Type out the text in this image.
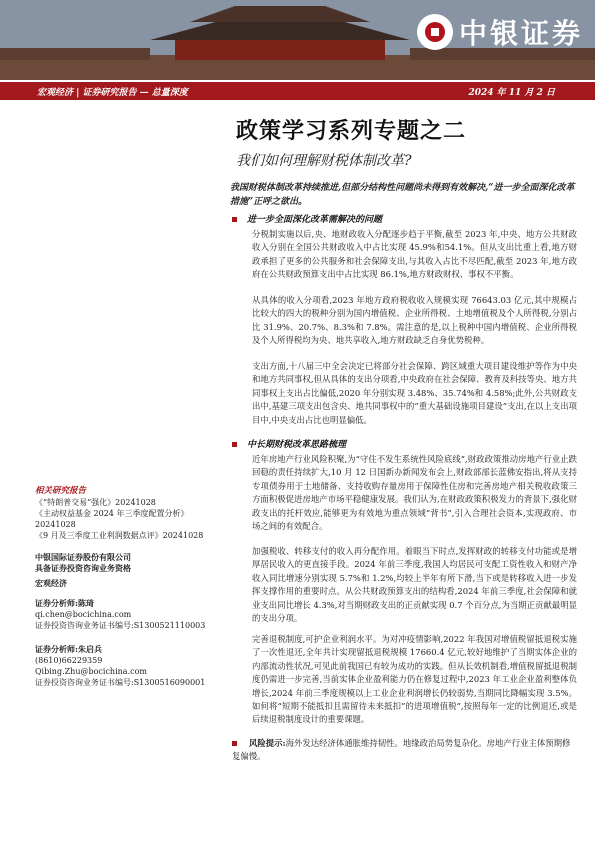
中银证券
宏观经济 | 证券研究报告 — 总量深度	2024 年 11 月 2 日
政策学习系列专题之二
我们如何理解财税体制改革?
我国财税体制改革持续推进,但部分结构性问题尚未得到有效解决,“进一步全面深化改革措施”正呼之欲出。
进一步全面深化改革需解决的问题
分税制实施以后,央、地财政收入分配逐步趋于平衡,截至 2023 年,中央、地方公共财政收入分别在全国公共财政收入中占比实现 45.9%和54.1%。但从支出比重上看,地方财政承担了更多的公共服务和社会保障支出,与其收入占比不尽匹配,截至 2023 年,地方政府在公共财政预算支出中占比实现 86.1%,地方财政财权、事权不平衡。
从具体的收入分项看,2023 年地方政府税收收入规模实现 76643.03 亿元,其中规模占比较大的四大的税种分别为国内增值税、企业所得税、土地增值税及个人所得税,分别占比 31.9%、20.7%、8.3%和 7.8%。需注意的是,以上税种中国内增值税、企业所得税及个人所得税均为央、地共享收入,地方财政缺乏自身优势税种。
支出方面,十八届三中全会决定已将部分社会保障、跨区域重大项目建设维护等作为中央和地方共同事权,但从具体的支出分项看,中央政府在社会保障、教育及科技等央、地方共同事权上支出占比偏低,2020 年分别实现 3.48%、35.74%和 4.58%;此外,公共财政支出中,基建三项支出包含央、地共同事权中的“重大基础设施项目建设”支出,在以上支出项目中,中央支出占比也明显偏低。
中长期财税改革思路梳理
近年房地产行业风险积聚,为“守住不发生系统性风险底线”,财政政策推动房地产行业止跌回稳的责任持续扩大,10 月 12 日国新办新闻发布会上,财政部部长蓝佛安指出,将从支持专项债券用于土地储备、支持收购存量房用于保障性住房和完善房地产相关税收政策三方面积极促进房地产市场平稳健康发展。我们认为,在财政政策积极发力的背景下,强化财政支出的托杆效应,能够更为有效地为重点领域“背书”,引入合理社会资本,实现政府、市场之间的有效配合。
加强税收、转移支付的收入再分配作用。着眼当下时点,发挥财政的转移支付功能或是增厚居民收入的更直接手段。2024 年前三季度,我国人均居民可支配工资性收入和财产净收入同比增速分别实现 5.7%和 1.2%,均较上半年有所下滑,当下或是转移收入进一步发挥支撑作用的重要时点。从公共财政预算支出的结构看,2024 年前三季度,社会保障和就业支出同比增长 4.3%,对当期财政支出的正贡献实现 0.7 个百分点,为当期正贡献最明显的支出分项。
完善退税制度,可护企业利润水平。为对冲疫情影响,2022 年我国对增值税留抵退税实施了一次性退还,全年共计实现留抵退税规模 17660.4 亿元,较好地维护了当期实体企业的内部流动性状况,可见此前我国已有较为成功的实践。但从长效机制看,增值税留抵退税制度仍需进一步完善,当前实体企业盈利能力仍在修复过程中,2023 年工业企业盈利整体负增长,2024 年前三季度规模以上工业企业利润增长仍较弱势,当期同比降幅实现 3.5%。如何将“短期不能抵扣且需留待未来抵扣”的进项增值税”,按照每年一定的比例退还,或是后续退税制度设计的重要课题。
风险提示:海外发达经济体通胀维持韧性。地缘政治局势复杂化。房地产行业主体预期修复偏慢。
相关研究报告
《“特朗普交易”强化》20241028
《主动权益基金 2024 年三季度配置分析》20241028
《9 月及三季度工业利润数据点评》20241028
中银国际证券股份有限公司
具备证券投资咨询业务资格
宏观经济
证券分析师:陈琦
qi.chen@bocichina.com
证券投资咨询业务证书编号:S1300521110003
证券分析师:朱启兵
(8610)66229359
Qibing.Zhu@bocichina.com
证券投资咨询业务证书编号:S1300516090001
